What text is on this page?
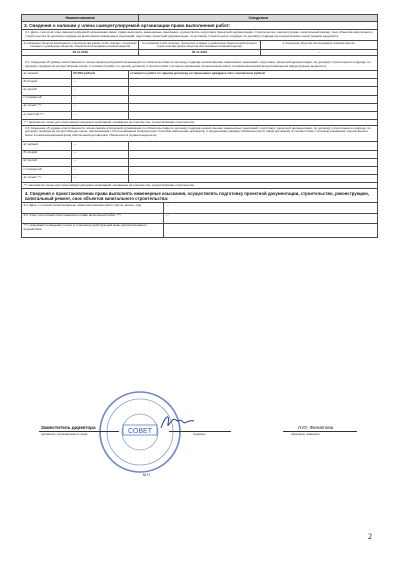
Наименование	Сведения	
3. Сведения о наличии у члена саморегулируемой организации права выполнения работ:		
3.1. Дата, с которой член саморегулируемой организации имеет право выполнять инженерные изыскания, осуществлять подготовку проектной документации, строительство, реконструкцию, капитальный ремонт, снос объектов капитального строительства по договору подряда на выполнение инженерных изысканий, подготовку проектной документации, по договору строительного подряда, по договору подряда на осуществление сноса (нужное выделить):		
в отношении объектов капитального строительства (кроме особо опасных, технически сложных и уникальных объектов, объектов использования атомной энергии)	в отношении особо опасных, технически сложных и уникальных объектов капитального строительства (кроме объектов использования атомной энергии)	в отношении объектов использования атомной энергии
05.11.2019	05.11.2019	—
3.2. Сведения об уровне ответственности члена саморегулируемой организации по обязательствам по договору подряда на выполнение инженерных изысканий, подготовку проектной документации, по договору строительного подряда, по договору подряда на осуществление сноса, и стоимости работ по одному договору, в соответствии с которым указанным членом внесен взнос в компенсационный фонд возмещения вреда (нужное выделить):		
а) первый	50 000 рублей	стоимость работ по одному договору не превышает двадцать пять миллионов рублей
б) второй	—	
в) третий	—	
г) четвертый	—	
д) пятый <*>	—	
е) простой <*>	—	
<*> заполняется только для члена саморегулируемых организаций, основанных на членстве лиц, осуществляющих строительство		
3.3. Сведения об уровне ответственности члена саморегулируемой организации по обязательствам по договору подряда на выполнение инженерных изысканий, подготовку проектной документации, по договору строительного подряда, по договору подряда на осуществление сноса, заключаемым с использованием конкурентных способов заключения договоров, и предельному размеру обязательств по таким договорам, в соответствии с которым указанным членом внесен взнос в компенсационный фонд обеспечения договорных обязательств (нужное выделить):		
а) первый	—	
б) второй	—	
в) третий	—	
г) четвертый	—	
д) пятый <*>	—	
<*> заполняется только для члена саморегулируемых организаций, основанных на членстве лиц, осуществляющих строительство		
4. Сведения о приостановлении права выполнять инженерные изыскания, осуществлять подготовку проектной документации, строительство, реконструкцию, капитальный ремонт, снос объектов капитального строительства:	
4.1. Дата, с которой приостановлено право выполнения работ (число, месяц, год)	—
4.2. Срок, на который приостановлено право выполнения работ <*>	—
<*> указываются сведения только в отношении действующей меры дисциплинарного воздействия	
СОВЕТ
Заместитель директора
(должность уполномоченного лица)	(подпись)
Л.Ю. Филиппова
(инициалы, фамилия)
М.П.
2
